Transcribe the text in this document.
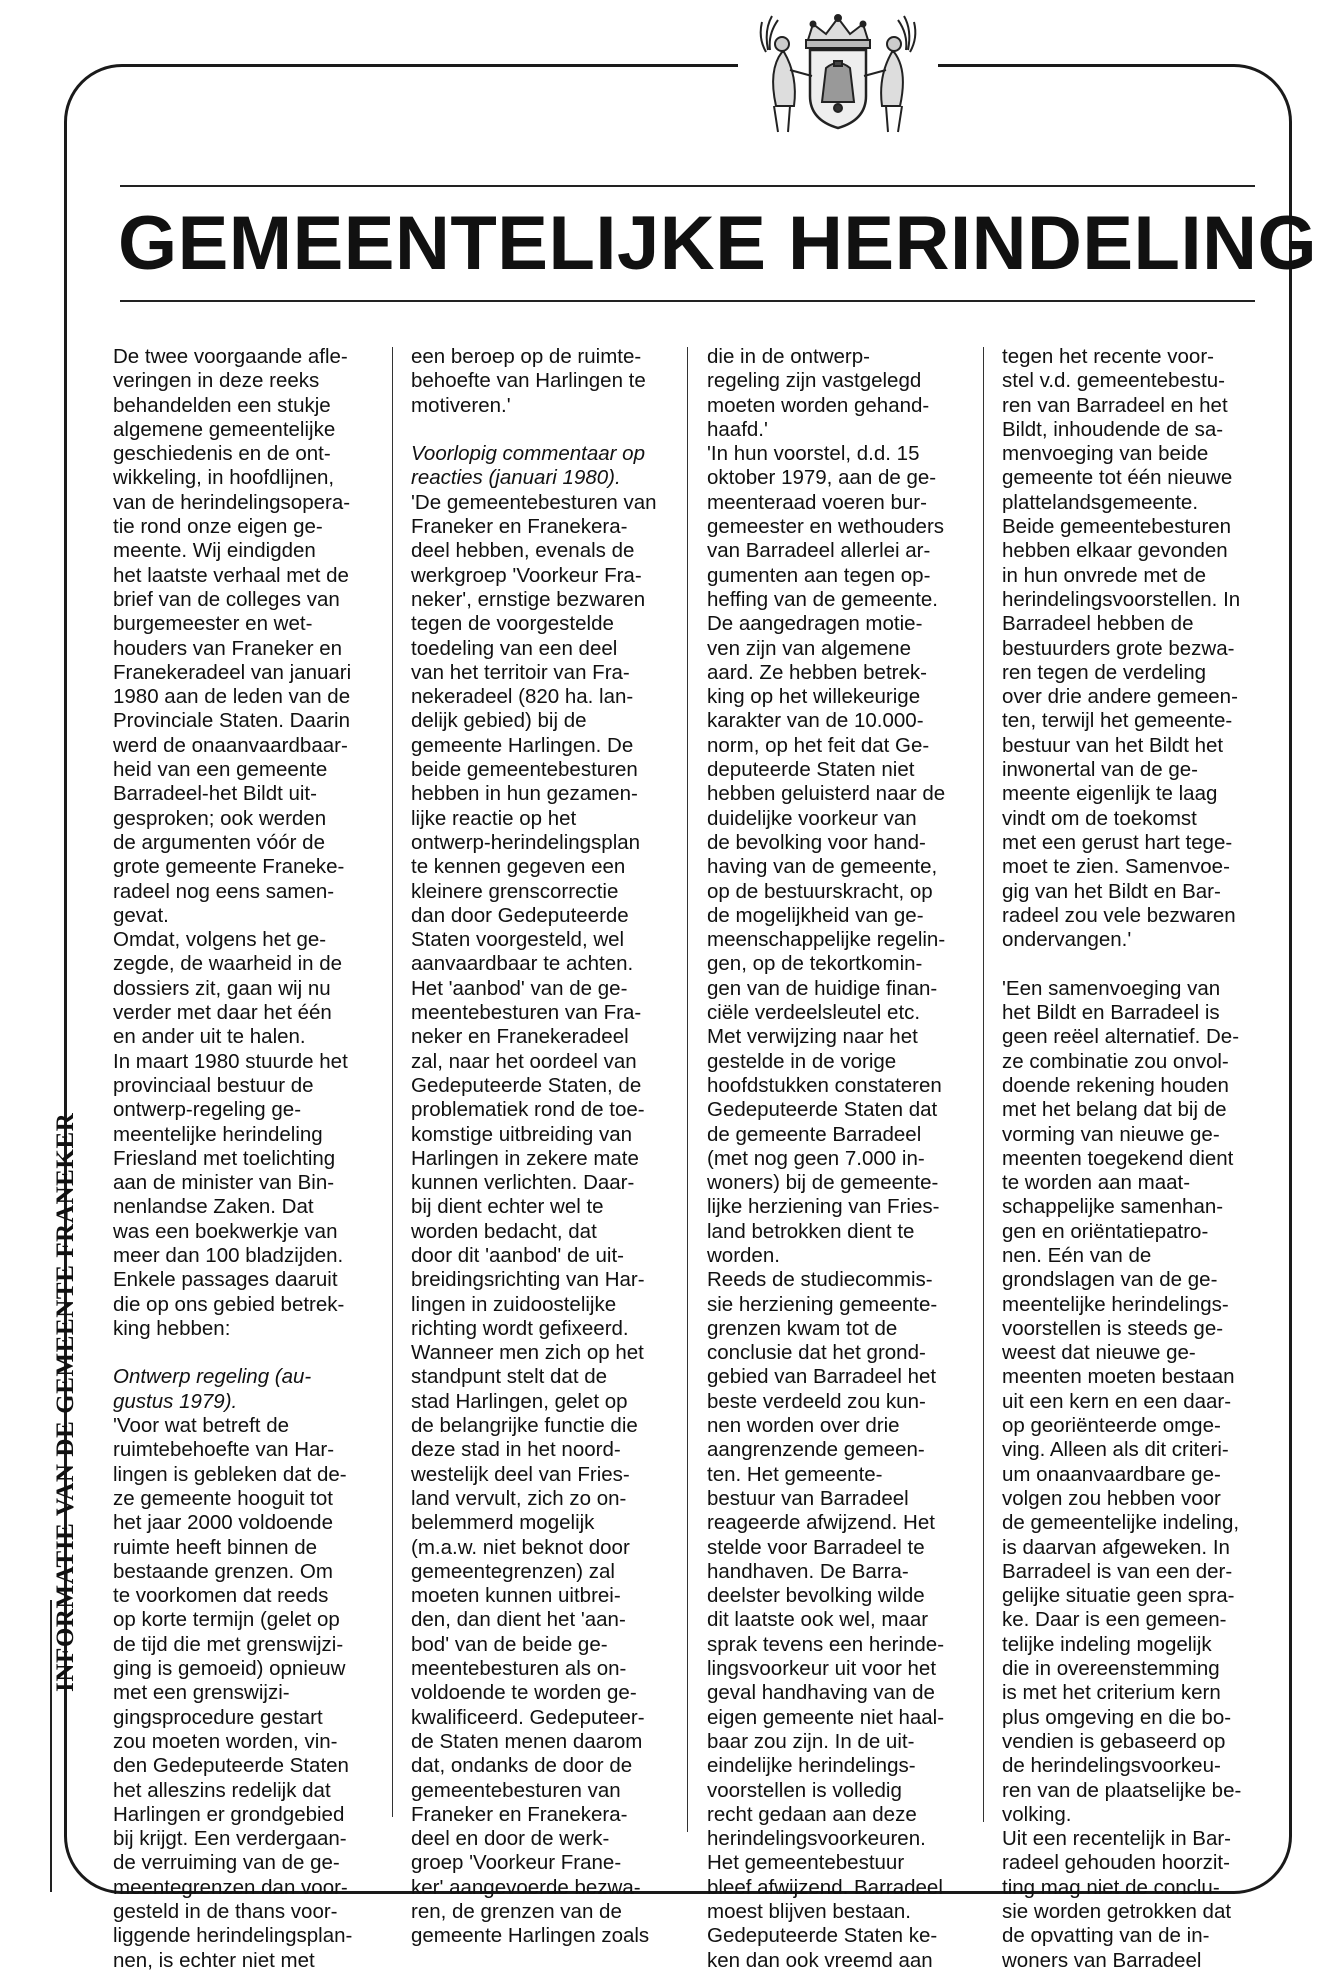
GEMEENTELIJKE HERINDELING
INFORMATIE VAN DE GEMEENTE FRANEKER
De twee voorgaande afle-
veringen in deze reeks
behandelden een stukje
algemene gemeentelijke
geschiedenis en de ont-
wikkeling, in hoofdlijnen,
van de herindelingsopera-
tie rond onze eigen ge-
meente. Wij eindigden
het laatste verhaal met de
brief van de colleges van
burgemeester en wet-
houders van Franeker en
Franekeradeel van januari
1980 aan de leden van de
Provinciale Staten. Daarin
werd de onaanvaardbaar-
heid van een gemeente
Barradeel-het Bildt uit-
gesproken; ook werden
de argumenten vóór de
grote gemeente Franeke-
radeel nog eens samen-
gevat.
Omdat, volgens het ge-
zegde, de waarheid in de
dossiers zit, gaan wij nu
verder met daar het één
en ander uit te halen.
In maart 1980 stuurde het
provinciaal bestuur de
ontwerp-regeling ge-
meentelijke herindeling
Friesland met toelichting
aan de minister van Bin-
nenlandse Zaken. Dat
was een boekwerkje van
meer dan 100 bladzijden.
Enkele passages daaruit
die op ons gebied betrek-
king hebben:

Ontwerp regeling (au-
gustus 1979).
'Voor wat betreft de
ruimtebehoefte van Har-
lingen is gebleken dat de-
ze gemeente hooguit tot
het jaar 2000 voldoende
ruimte heeft binnen de
bestaande grenzen. Om
te voorkomen dat reeds
op korte termijn (gelet op
de tijd die met grenswijzi-
ging is gemoeid) opnieuw
met een grenswijzi-
gingsprocedure gestart
zou moeten worden, vin-
den Gedeputeerde Staten
het alleszins redelijk dat
Harlingen er grondgebied
bij krijgt. Een verdergaan-
de verruiming van de ge-
meentegrenzen dan voor-
gesteld in de thans voor-
liggende herindelingsplan-
nen, is echter niet met
een beroep op de ruimte-
behoefte van Harlingen te
motiveren.'

Voorlopig commentaar op
reacties (januari 1980).
'De gemeentebesturen van
Franeker en Franekera-
deel hebben, evenals de
werkgroep 'Voorkeur Fra-
neker', ernstige bezwaren
tegen de voorgestelde
toedeling van een deel
van het territoir van Fra-
nekeradeel (820 ha. lan-
delijk gebied) bij de
gemeente Harlingen. De
beide gemeentebesturen
hebben in hun gezamen-
lijke reactie op het
ontwerp-herindelingsplan
te kennen gegeven een
kleinere grenscorrectie
dan door Gedeputeerde
Staten voorgesteld, wel
aanvaardbaar te achten.
Het 'aanbod' van de ge-
meentebesturen van Fra-
neker en Franekeradeel
zal, naar het oordeel van
Gedeputeerde Staten, de
problematiek rond de toe-
komstige uitbreiding van
Harlingen in zekere mate
kunnen verlichten. Daar-
bij dient echter wel te
worden bedacht, dat
door dit 'aanbod' de uit-
breidingsrichting van Har-
lingen in zuidoostelijke
richting wordt gefixeerd.
Wanneer men zich op het
standpunt stelt dat de
stad Harlingen, gelet op
de belangrijke functie die
deze stad in het noord-
westelijk deel van Fries-
land vervult, zich zo on-
belemmerd mogelijk
(m.a.w. niet beknot door
gemeentegrenzen) zal
moeten kunnen uitbrei-
den, dan dient het 'aan-
bod' van de beide ge-
meentebesturen als on-
voldoende te worden ge-
kwalificeerd. Gedeputeer-
de Staten menen daarom
dat, ondanks de door de
gemeentebesturen van
Franeker en Franekera-
deel en door de werk-
groep 'Voorkeur Frane-
ker' aangevoerde bezwa-
ren, de grenzen van de
gemeente Harlingen zoals
die in de ontwerp-
regeling zijn vastgelegd
moeten worden gehand-
haafd.'
'In hun voorstel, d.d. 15
oktober 1979, aan de ge-
meenteraad voeren bur-
gemeester en wethouders
van Barradeel allerlei ar-
gumenten aan tegen op-
heffing van de gemeente.
De aangedragen motie-
ven zijn van algemene
aard. Ze hebben betrek-
king op het willekeurige
karakter van de 10.000-
norm, op het feit dat Ge-
deputeerde Staten niet
hebben geluisterd naar de
duidelijke voorkeur van
de bevolking voor hand-
having van de gemeente,
op de bestuurskracht, op
de mogelijkheid van ge-
meenschappelijke regelin-
gen, op de tekortkomin-
gen van de huidige finan-
ciële verdeelsleutel etc.
Met verwijzing naar het
gestelde in de vorige
hoofdstukken constateren
Gedeputeerde Staten dat
de gemeente Barradeel
(met nog geen 7.000 in-
woners) bij de gemeente-
lijke herziening van Fries-
land betrokken dient te
worden.
Reeds de studiecommis-
sie herziening gemeente-
grenzen kwam tot de
conclusie dat het grond-
gebied van Barradeel het
beste verdeeld zou kun-
nen worden over drie
aangrenzende gemeen-
ten. Het gemeente-
bestuur van Barradeel
reageerde afwijzend. Het
stelde voor Barradeel te
handhaven. De Barra-
deelster bevolking wilde
dit laatste ook wel, maar
sprak tevens een herinde-
lingsvoorkeur uit voor het
geval handhaving van de
eigen gemeente niet haal-
baar zou zijn. In de uit-
eindelijke herindelings-
voorstellen is volledig
recht gedaan aan deze
herindelingsvoorkeuren.
Het gemeentebestuur
bleef afwijzend. Barradeel
moest blijven bestaan.
Gedeputeerde Staten ke-
ken dan ook vreemd aan
tegen het recente voor-
stel v.d. gemeentebestu-
ren van Barradeel en het
Bildt, inhoudende de sa-
menvoeging van beide
gemeente tot één nieuwe
plattelandsgemeente.
Beide gemeentebesturen
hebben elkaar gevonden
in hun onvrede met de
herindelingsvoorstellen. In
Barradeel hebben de
bestuurders grote bezwa-
ren tegen de verdeling
over drie andere gemeen-
ten, terwijl het gemeente-
bestuur van het Bildt het
inwonertal van de ge-
meente eigenlijk te laag
vindt om de toekomst
met een gerust hart tege-
moet te zien. Samenvoe-
gig van het Bildt en Bar-
radeel zou vele bezwaren
ondervangen.'

'Een samenvoeging van
het Bildt en Barradeel is
geen reëel alternatief. De-
ze combinatie zou onvol-
doende rekening houden
met het belang dat bij de
vorming van nieuwe ge-
meenten toegekend dient
te worden aan maat-
schappelijke samenhan-
gen en oriëntatiepatro-
nen. Eén van de
grondslagen van de ge-
meentelijke herindelings-
voorstellen is steeds ge-
weest dat nieuwe ge-
meenten moeten bestaan
uit een kern en een daar-
op georiënteerde omge-
ving. Alleen als dit criteri-
um onaanvaardbare ge-
volgen zou hebben voor
de gemeentelijke indeling,
is daarvan afgeweken. In
Barradeel is van een der-
gelijke situatie geen spra-
ke. Daar is een gemeen-
telijke indeling mogelijk
die in overeenstemming
is met het criterium kern
plus omgeving en die bo-
vendien is gebaseerd op
de herindelingsvoorkeu-
ren van de plaatselijke be-
volking.
Uit een recentelijk in Bar-
radeel gehouden hoorzit-
ting mag niet de conclu-
sie worden getrokken dat
de opvatting van de in-
woners van Barradeel
